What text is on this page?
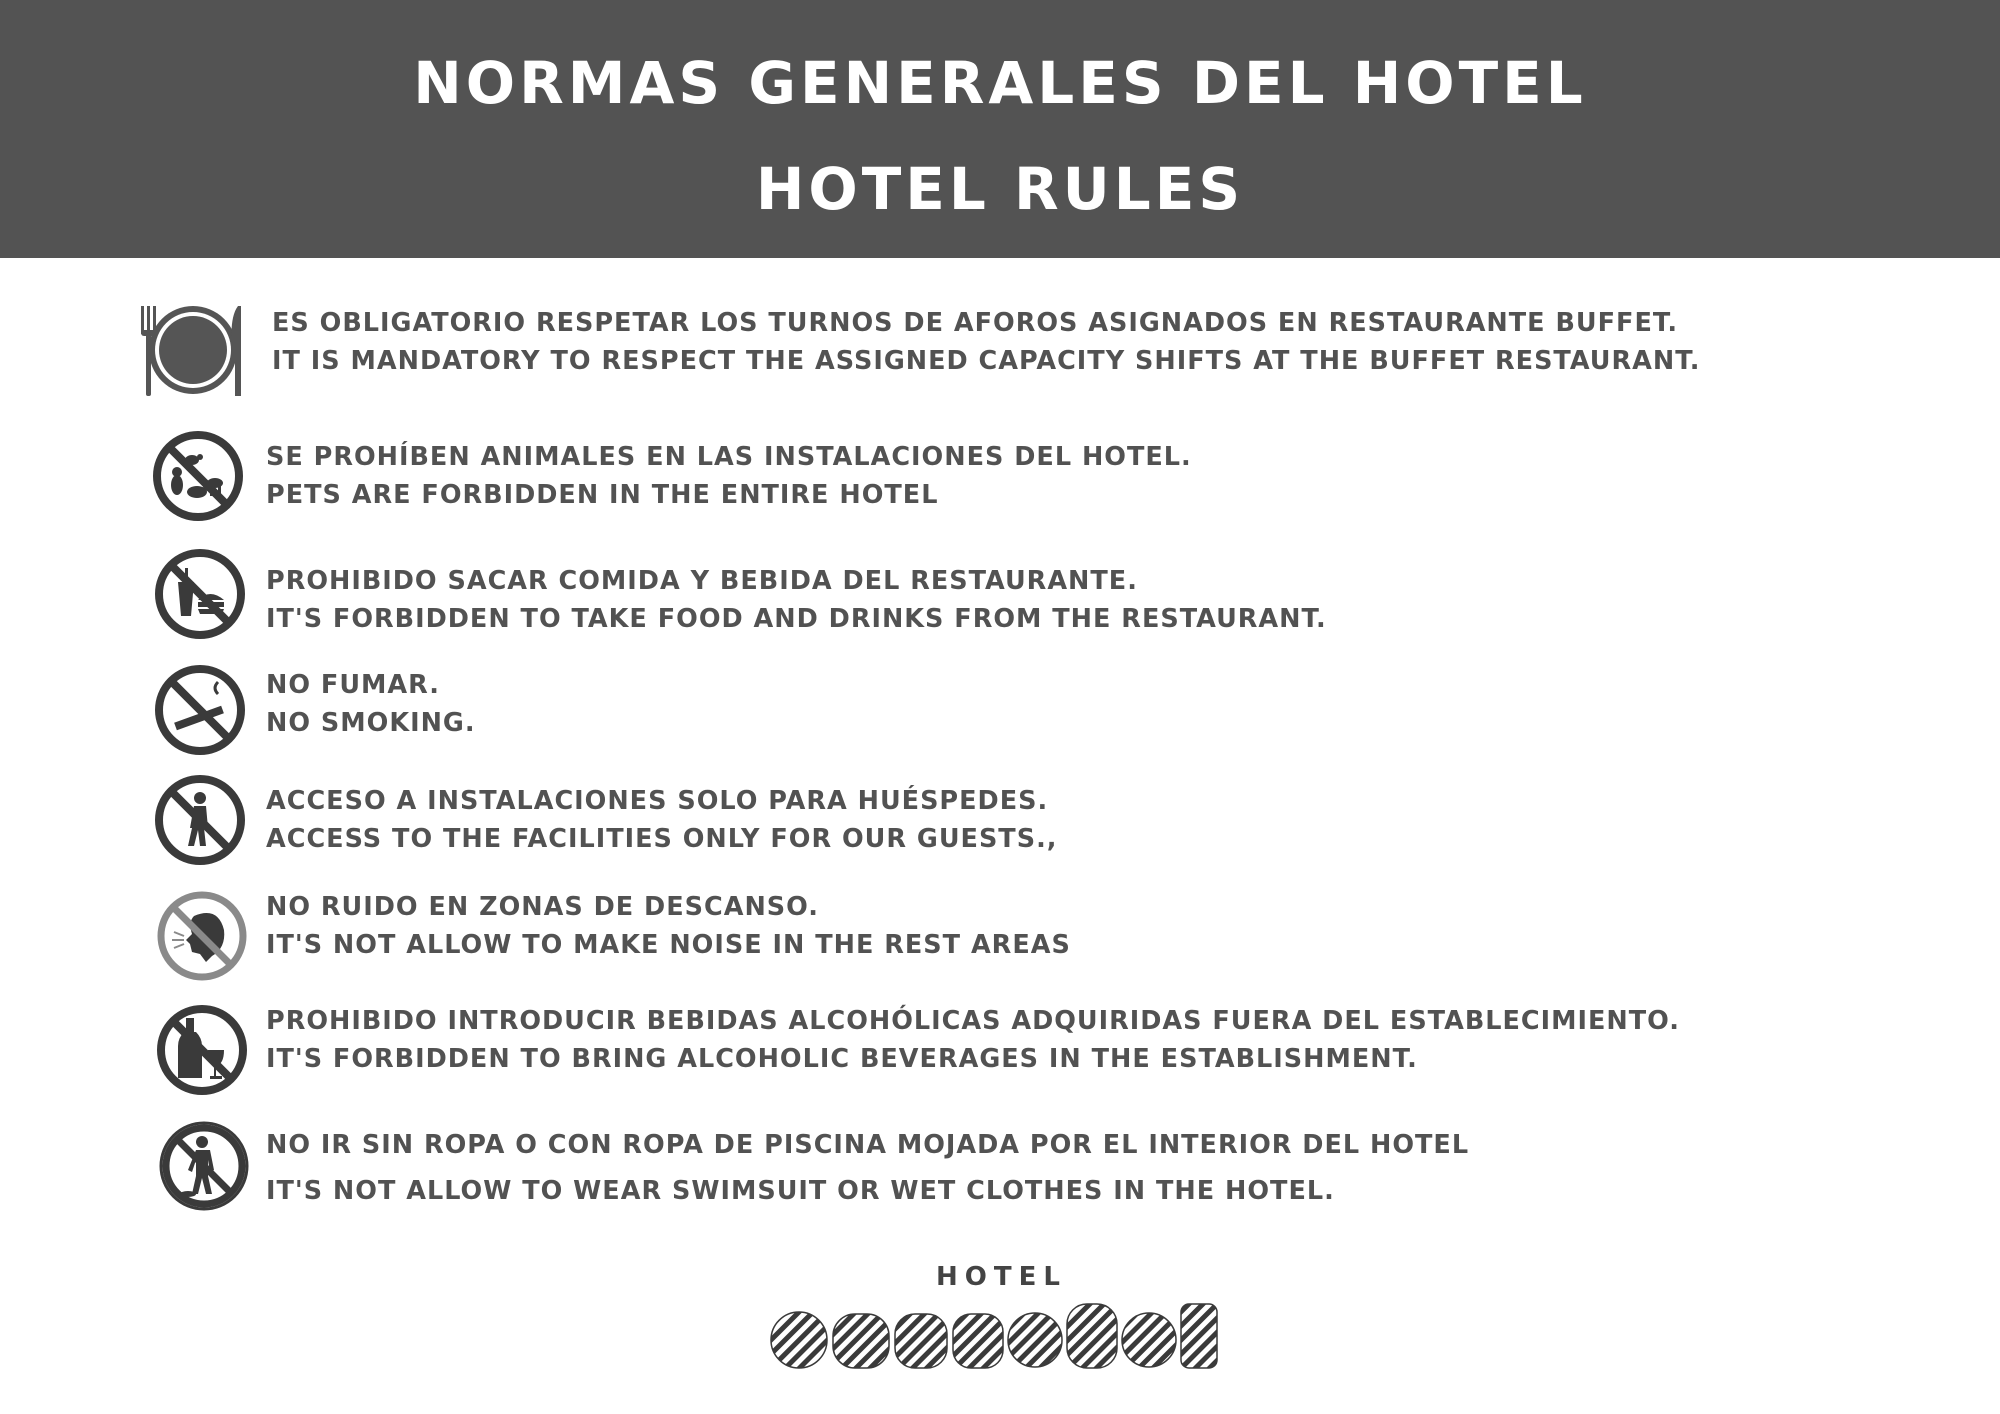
NORMAS GENERALES DEL HOTEL
HOTEL RULES
ES OBLIGATORIO RESPETAR LOS TURNOS DE AFOROS ASIGNADOS EN RESTAURANTE BUFFET.
IT IS MANDATORY TO RESPECT THE ASSIGNED CAPACITY SHIFTS AT THE BUFFET RESTAURANT.
SE PROHÍBEN ANIMALES EN LAS INSTALACIONES DEL HOTEL.
PETS ARE FORBIDDEN IN THE ENTIRE HOTEL
PROHIBIDO SACAR COMIDA Y BEBIDA DEL RESTAURANTE.
IT'S FORBIDDEN TO TAKE FOOD AND DRINKS FROM THE RESTAURANT.
NO FUMAR.
NO SMOKING.
ACCESO A INSTALACIONES SOLO PARA HUÉSPEDES.
ACCESS TO THE FACILITIES ONLY FOR OUR GUESTS.,
NO RUIDO EN ZONAS DE DESCANSO.
IT'S NOT ALLOW TO MAKE NOISE IN THE REST AREAS
PROHIBIDO INTRODUCIR BEBIDAS ALCOHÓLICAS ADQUIRIDAS FUERA DEL ESTABLECIMIENTO.
IT'S FORBIDDEN TO BRING ALCOHOLIC BEVERAGES IN THE ESTABLISHMENT.
NO IR SIN ROPA O CON ROPA DE PISCINA MOJADA POR EL INTERIOR DEL HOTEL
IT'S NOT ALLOW TO WEAR SWIMSUIT OR WET CLOTHES IN THE HOTEL.
HOTEL
capnegret
